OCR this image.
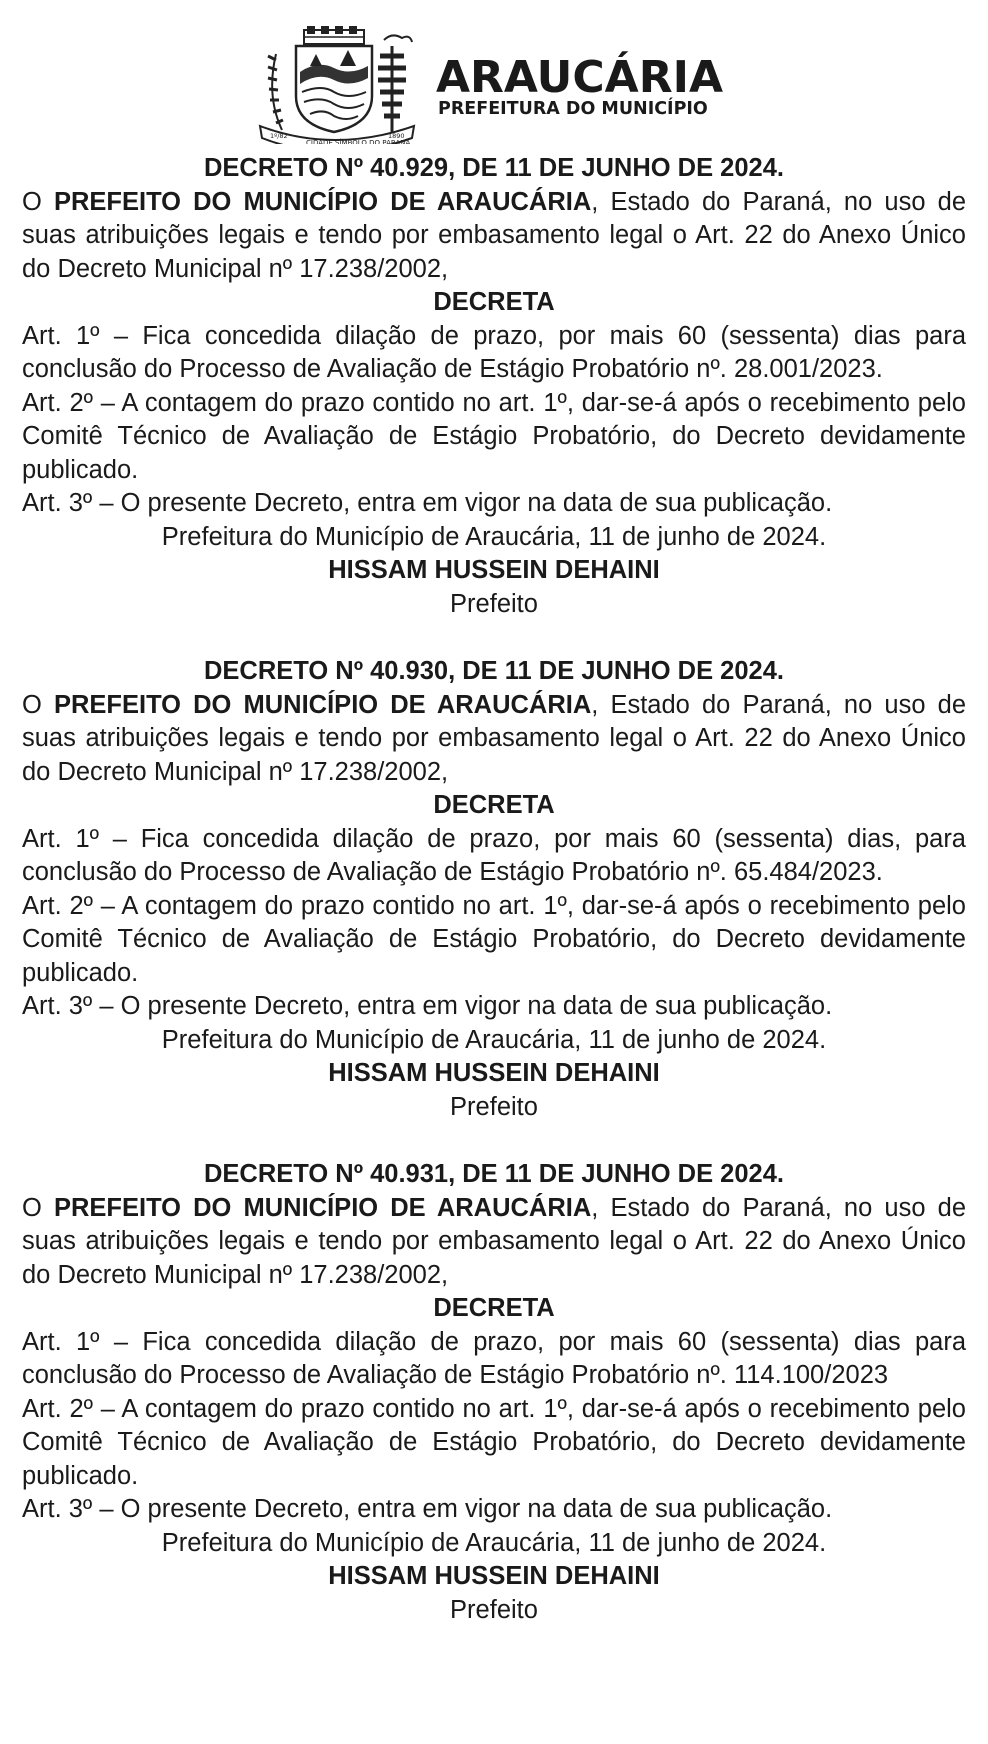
1º/82
CIDADE SÍMBOLO DO PARANÁ
1890
ARAUCÁRIA
PREFEITURA DO MUNICÍPIO

DECRETO Nº 40.929, DE 11 DE JUNHO DE 2024.

O PREFEITO DO MUNICÍPIO DE ARAUCÁRIA, Estado do Paraná, no uso de suas atribuições legais e tendo por embasamento legal o Art. 22 do Anexo Único do Decreto Municipal nº 17.238/2002,

DECRETA

Art. 1º – Fica concedida dilação de prazo, por mais 60 (sessenta) dias para conclusão do Processo de Avaliação de Estágio Probatório nº. 28.001/2023.

Art. 2º – A contagem do prazo contido no art. 1º, dar-se-á após o recebimento pelo Comitê Técnico de Avaliação de Estágio Probatório, do Decreto devidamente publicado.

Art. 3º – O presente Decreto, entra em vigor na data de sua publicação.

Prefeitura do Município de Araucária, 11 de junho de 2024.

HISSAM HUSSEIN DEHAINI

Prefeito

DECRETO Nº 40.930, DE 11 DE JUNHO DE 2024.

O PREFEITO DO MUNICÍPIO DE ARAUCÁRIA, Estado do Paraná, no uso de suas atribuições legais e tendo por embasamento legal o Art. 22 do Anexo Único do Decreto Municipal nº 17.238/2002,

DECRETA

Art. 1º – Fica concedida dilação de prazo, por mais 60 (sessenta) dias, para conclusão do Processo de Avaliação de Estágio Probatório nº. 65.484/2023.

Art. 2º – A contagem do prazo contido no art. 1º, dar-se-á após o recebimento pelo Comitê Técnico de Avaliação de Estágio Probatório, do Decreto devidamente publicado.

Art. 3º – O presente Decreto, entra em vigor na data de sua publicação.

Prefeitura do Município de Araucária, 11 de junho de 2024.

HISSAM HUSSEIN DEHAINI

Prefeito

DECRETO Nº 40.931, DE 11 DE JUNHO DE 2024.

O PREFEITO DO MUNICÍPIO DE ARAUCÁRIA, Estado do Paraná, no uso de suas atribuições legais e tendo por embasamento legal o Art. 22 do Anexo Único do Decreto Municipal nº 17.238/2002,

DECRETA

Art. 1º – Fica concedida dilação de prazo, por mais 60 (sessenta) dias para conclusão do Processo de Avaliação de Estágio Probatório nº. 114.100/2023

Art. 2º – A contagem do prazo contido no art. 1º, dar-se-á após o recebimento pelo Comitê Técnico de Avaliação de Estágio Probatório, do Decreto devidamente publicado.

Art. 3º – O presente Decreto, entra em vigor na data de sua publicação.

Prefeitura do Município de Araucária, 11 de junho de 2024.

HISSAM HUSSEIN DEHAINI

Prefeito
